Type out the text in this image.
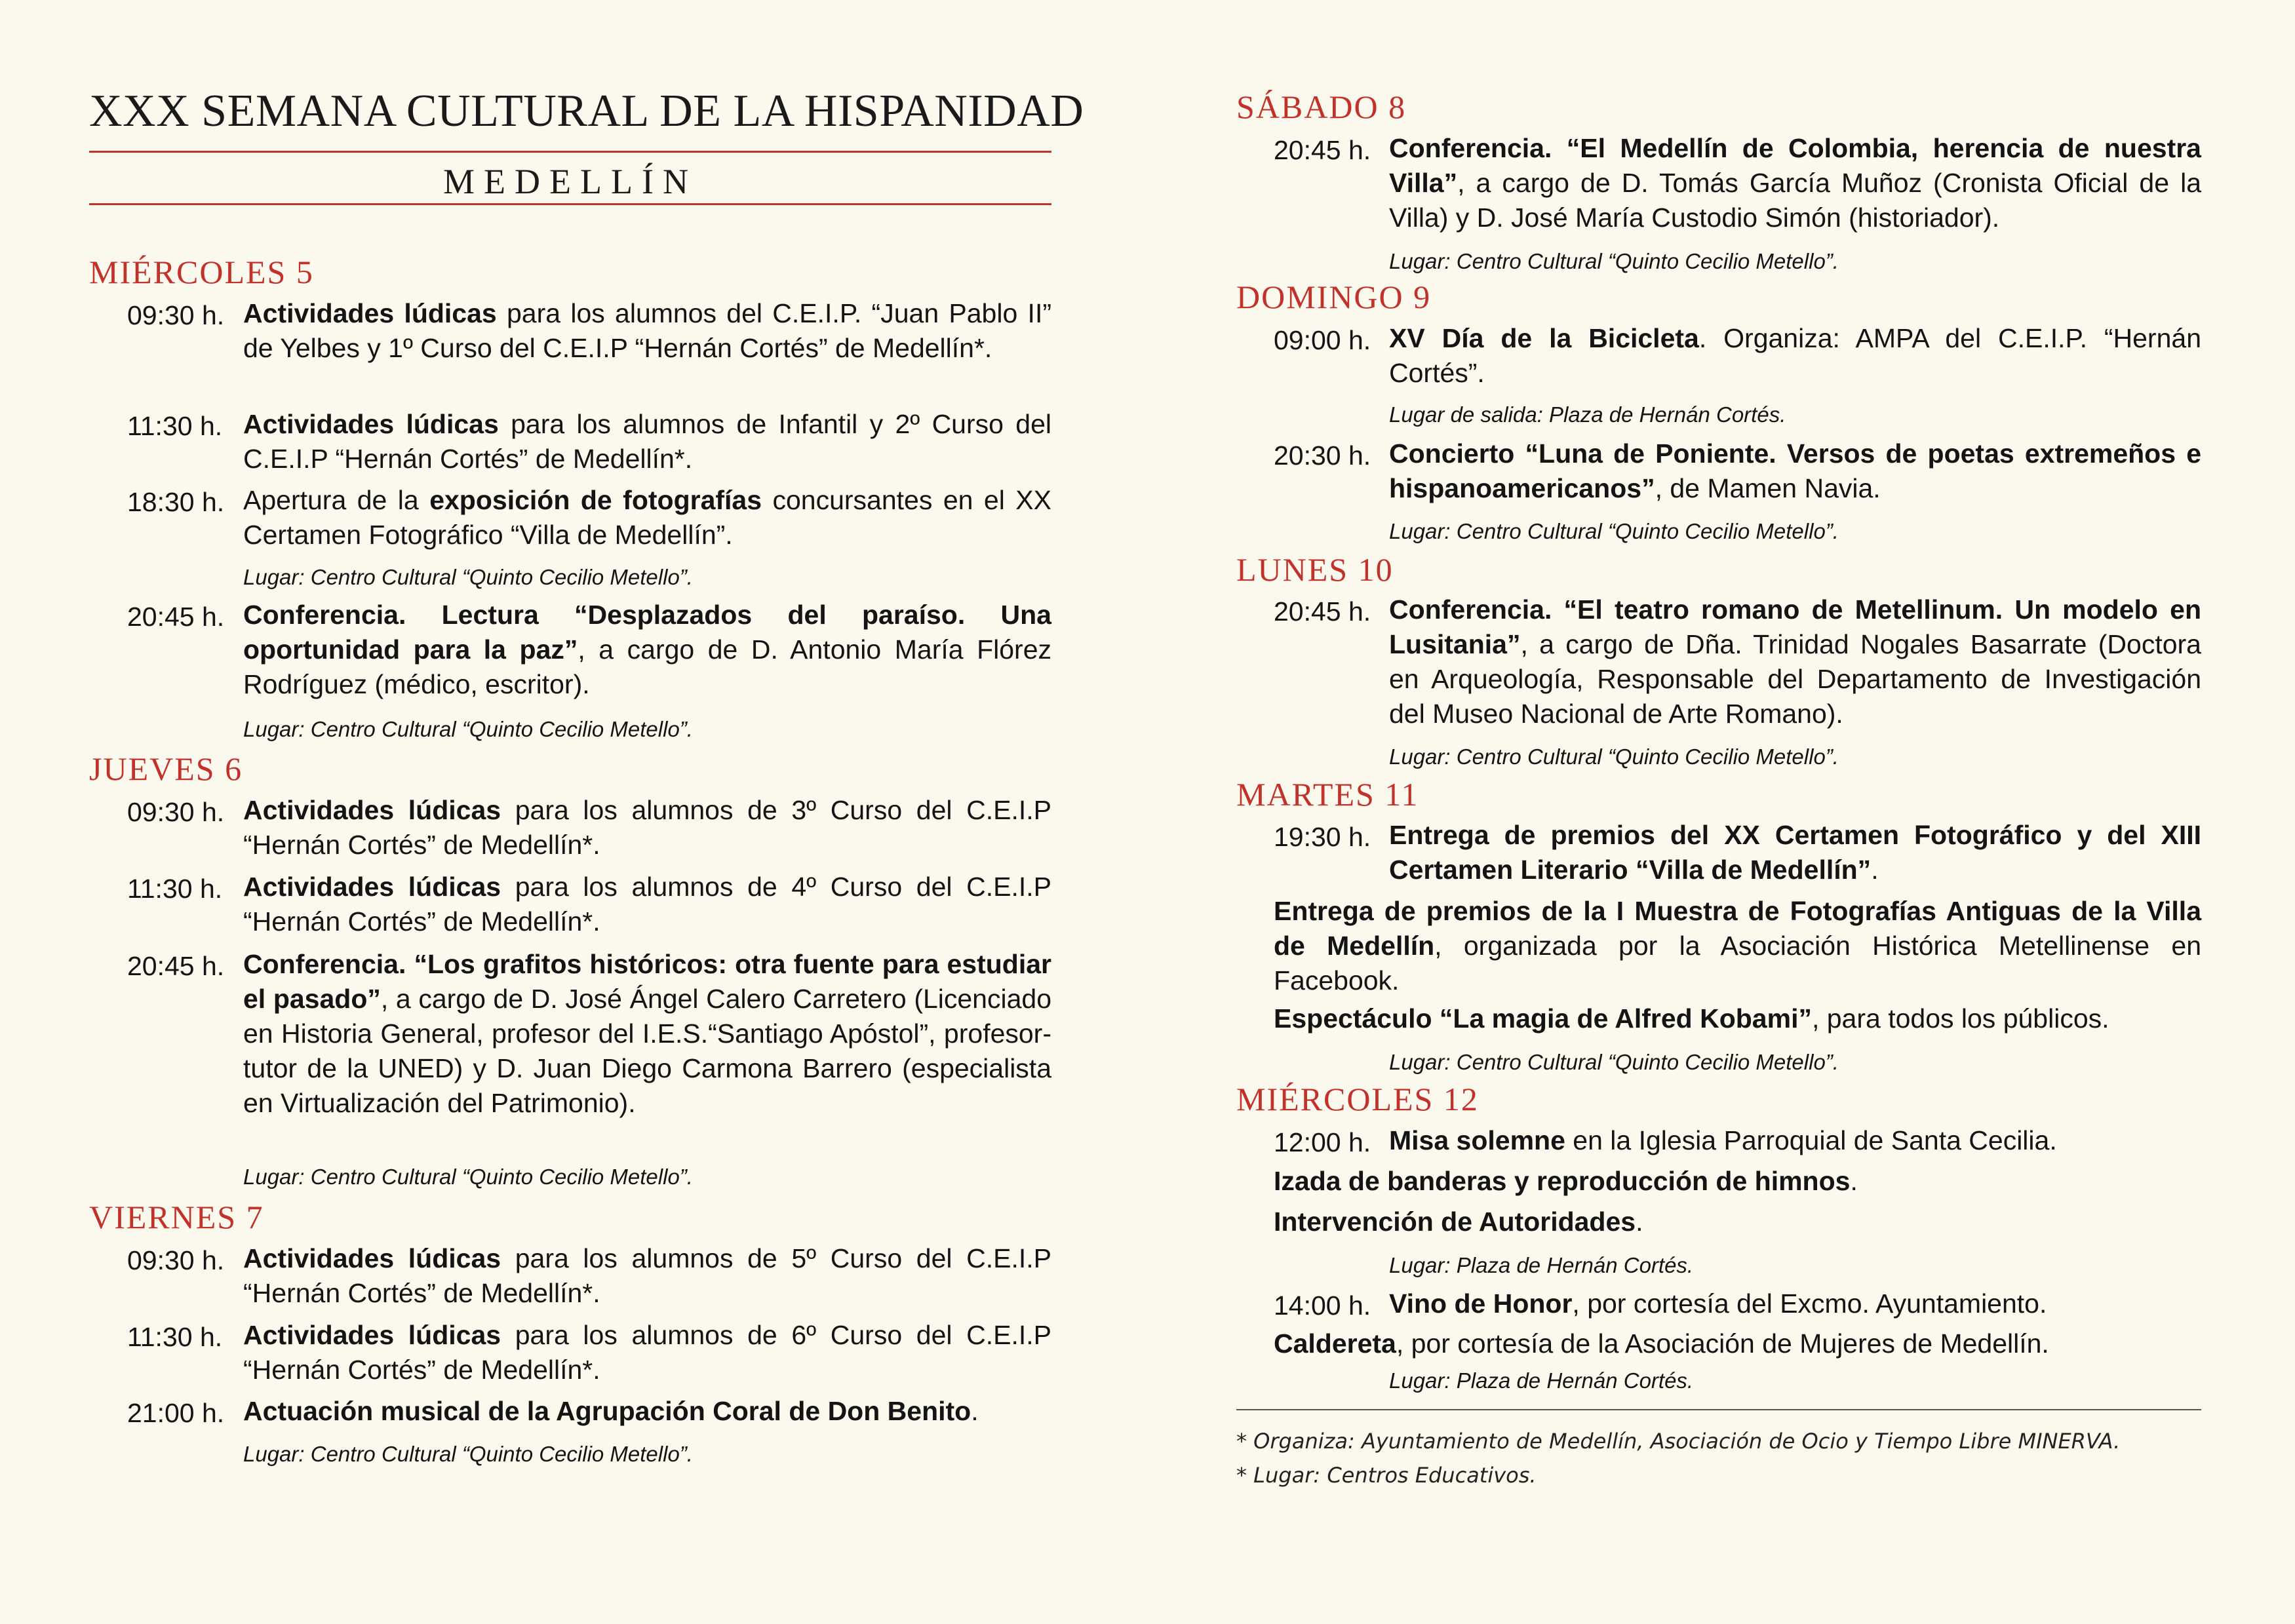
XXX SEMANA CULTURAL DE LA HISPANIDAD
MEDELLÍN
MIÉRCOLES 5
09:30 h. Actividades lúdicas para los alumnos del C.E.I.P. “Juan Pablo II” de Yelbes y 1º Curso del C.E.I.P “Hernán Cortés” de Medellín*.
11:30 h. Actividades lúdicas para los alumnos de Infantil y 2º Curso del C.E.I.P “Hernán Cortés” de Medellín*.
18:30 h. Apertura de la exposición de fotografías concursantes en el XX Certamen Fotográfico “Villa de Medellín”.
Lugar: Centro Cultural “Quinto Cecilio Metello”.
20:45 h. Conferencia. Lectura “Desplazados del paraíso. Una oportunidad para la paz”, a cargo de D. Antonio María Flórez Rodríguez (médico, escritor).
Lugar: Centro Cultural “Quinto Cecilio Metello”.
JUEVES 6
09:30 h. Actividades lúdicas para los alumnos de 3º Curso del C.E.I.P “Hernán Cortés” de Medellín*.
11:30 h. Actividades lúdicas para los alumnos de 4º Curso del C.E.I.P “Hernán Cortés” de Medellín*.
20:45 h. Conferencia. “Los grafitos históricos: otra fuente para estudiar el pasado”, a cargo de D. José Ángel Calero Carretero (Licenciado en Historia General, profesor del I.E.S.“Santiago Apóstol”, profesor-tutor de la UNED) y D. Juan Diego Carmona Barrero (especialista en Virtualización del Patrimonio).
Lugar: Centro Cultural “Quinto Cecilio Metello”.
VIERNES 7
09:30 h. Actividades lúdicas para los alumnos de 5º Curso del C.E.I.P “Hernán Cortés” de Medellín*.
11:30 h. Actividades lúdicas para los alumnos de 6º Curso del C.E.I.P “Hernán Cortés” de Medellín*.
21:00 h. Actuación musical de la Agrupación Coral de Don Benito.
Lugar: Centro Cultural “Quinto Cecilio Metello”.
SÁBADO 8
20:45 h. Conferencia. “El Medellín de Colombia, herencia de nuestra Villa”, a cargo de D. Tomás García Muñoz (Cronista Oficial de la Villa) y D. José María Custodio Simón (historiador).
Lugar: Centro Cultural “Quinto Cecilio Metello”.
DOMINGO 9
09:00 h. XV Día de la Bicicleta. Organiza: AMPA del C.E.I.P. “Hernán Cortés”.
Lugar de salida: Plaza de Hernán Cortés.
20:30 h. Concierto “Luna de Poniente. Versos de poetas extremeños e hispanoamericanos”, de Mamen Navia.
Lugar: Centro Cultural “Quinto Cecilio Metello”.
LUNES 10
20:45 h. Conferencia. “El teatro romano de Metellinum. Un modelo en Lusitania”, a cargo de Dña. Trinidad Nogales Basarrate (Doctora en Arqueología, Responsable del Departamento de Investigación del Museo Nacional de Arte Romano).
Lugar: Centro Cultural “Quinto Cecilio Metello”.
MARTES 11
19:30 h. Entrega de premios del XX Certamen Fotográfico y del XIII Certamen Literario “Villa de Medellín”.
Entrega de premios de la I Muestra de Fotografías Antiguas de la Villa de Medellín, organizada por la Asociación Histórica Metellinense en Facebook.
Espectáculo “La magia de Alfred Kobami”, para todos los públicos.
Lugar: Centro Cultural “Quinto Cecilio Metello”.
MIÉRCOLES 12
12:00 h. Misa solemne en la Iglesia Parroquial de Santa Cecilia.
Izada de banderas y reproducción de himnos.
Intervención de Autoridades.
Lugar: Plaza de Hernán Cortés.
14:00 h. Vino de Honor, por cortesía del Excmo. Ayuntamiento.
Caldereta, por cortesía de la Asociación de Mujeres de Medellín.
Lugar: Plaza de Hernán Cortés.
* Organiza: Ayuntamiento de Medellín, Asociación de Ocio y Tiempo Libre MINERVA.
* Lugar: Centros Educativos.
